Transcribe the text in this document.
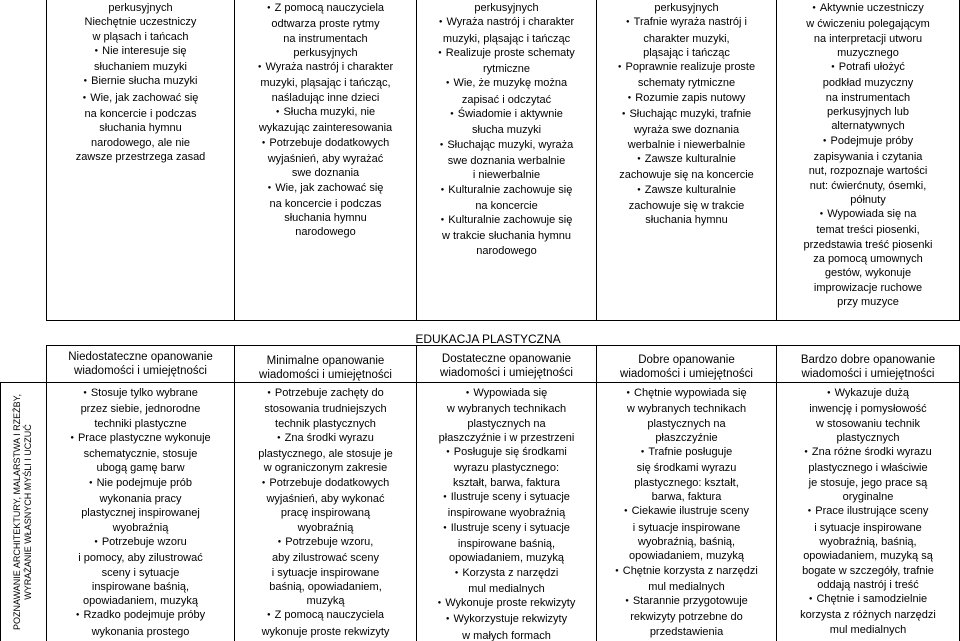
perkusyjnych
Niechętnie uczestniczy
w pląsach i tańcach
● Nie interesuje się
słuchaniem muzyki
● Biernie słucha muzyki
● Wie, jak zachować się
na koncercie i podczas
słuchania hymnu
narodowego, ale nie
zawsze przestrzega zasad
● Z pomocą nauczyciela
odtwarza proste rytmy
na instrumentach
perkusyjnych
● Wyraża nastrój i charakter
muzyki, pląsając i tańcząc,
naśladując inne dzieci
● Słucha muzyki, nie
wykazując zainteresowania
● Potrzebuje dodatkowych
wyjaśnień, aby wyrażać
swe doznania
● Wie, jak zachować się
na koncercie i podczas
słuchania hymnu
narodowego
perkusyjnych
● Wyraża nastrój i charakter
muzyki, pląsając i tańcząc
● Realizuje proste schematy
rytmiczne
● Wie, że muzykę można
zapisać i odczytać
● Świadomie i aktywnie
słucha muzyki
● Słuchając muzyki, wyraża
swe doznania werbalnie
i niewerbalnie
● Kulturalnie zachowuje się
na koncercie
● Kulturalnie zachowuje się
w trakcie słuchania hymnu
narodowego
perkusyjnych
● Trafnie wyraża nastrój i
charakter muzyki,
pląsając i tańcząc
● Poprawnie realizuje proste
schematy rytmiczne
● Rozumie zapis nutowy
● Słuchając muzyki, trafnie
wyraża swe doznania
werbalnie i niewerbalnie
● Zawsze kulturalnie
zachowuje się na koncercie
● Zawsze kulturalnie
zachowuje się w trakcie
słuchania hymnu
● Aktywnie uczestniczy
w ćwiczeniu polegającym
na interpretacji utworu
muzycznego
● Potrafi ułożyć
podkład muzyczny
na instrumentach
perkusyjnych lub
alternatywnych
● Podejmuje próby
zapisywania i czytania
nut, rozpoznaje wartości
nut: ćwierćnuty, ósemki,
półnuty
● Wypowiada się na
temat treści piosenki,
przedstawia treść piosenki
za pomocą umownych
gestów, wykonuje
improwizacje ruchowe
przy muzyce
EDUKACJA PLASTYCZNA
Niedostateczne opanowanie
wiadomości i umiejętności
Minimalne opanowanie
wiadomości i umiejętności
Dostateczne opanowanie
wiadomości i umiejętności
Dobre opanowanie
wiadomości i umiejętności
Bardzo dobre opanowanie
wiadomości i umiejętności
POZNAWANIE ARCHITEKTURY, MALARSTWA I RZEŹBY, WYRAŻANIE WŁASNYCH MYŚLI I UCZUĆ
● Stosuje tylko wybrane
przez siebie, jednorodne
techniki plastyczne
● Prace plastyczne wykonuje
schematycznie, stosuje
ubogą gamę barw
● Nie podejmuje prób
wykonania pracy
plastycznej inspirowanej
wyobraźnią
● Potrzebuje wzoru
i pomocy, aby zilustrować
sceny i sytuacje
inspirowane baśnią,
opowiadaniem, muzyką
● Rzadko podejmuje próby
wykonania prostego
● Potrzebuje zachęty do
stosowania trudniejszych
technik plastycznych
● Zna środki wyrazu
plastycznego, ale stosuje je
w ograniczonym zakresie
● Potrzebuje dodatkowych
wyjaśnień, aby wykonać
pracę inspirowaną
wyobraźnią
● Potrzebuje wzoru,
aby zilustrować sceny
i sytuacje inspirowane
baśnią, opowiadaniem,
muzyką
● Z pomocą nauczyciela
wykonuje proste rekwizyty
● Wypowiada się
w wybranych technikach
plastycznych na
płaszczyźnie i w przestrzeni
● Posługuje się środkami
wyrazu plastycznego:
kształt, barwa, faktura
● Ilustruje sceny i sytuacje
inspirowane wyobraźnią
● Ilustruje sceny i sytuacje
inspirowane baśnią,
opowiadaniem, muzyką
● Korzysta z narzędzi
mul medialnych
● Wykonuje proste rekwizyty
● Wykorzystuje rekwizyty
w małych formach
● Chętnie wypowiada się
w wybranych technikach
plastycznych na
płaszczyźnie
● Trafnie posługuje
się środkami wyrazu
plastycznego: kształt,
barwa, faktura
● Ciekawie ilustruje sceny
i sytuacje inspirowane
wyobraźnią, baśnią,
opowiadaniem, muzyką
● Chętnie korzysta z narzędzi
mul medialnych
● Starannie przygotowuje
rekwizyty potrzebne do
przedstawienia
● Wykazuje dużą
inwencję i pomysłowość
w stosowaniu technik
plastycznych
● Zna różne środki wyrazu
plastycznego i właściwie
je stosuje, jego prace są
oryginalne
● Prace ilustrujące sceny
i sytuacje inspirowane
wyobraźnią, baśnią,
opowiadaniem, muzyką są
bogate w szczegóły, trafnie
oddają nastrój i treść
● Chętnie i samodzielnie
korzysta z różnych narzędzi
mul medialnych
